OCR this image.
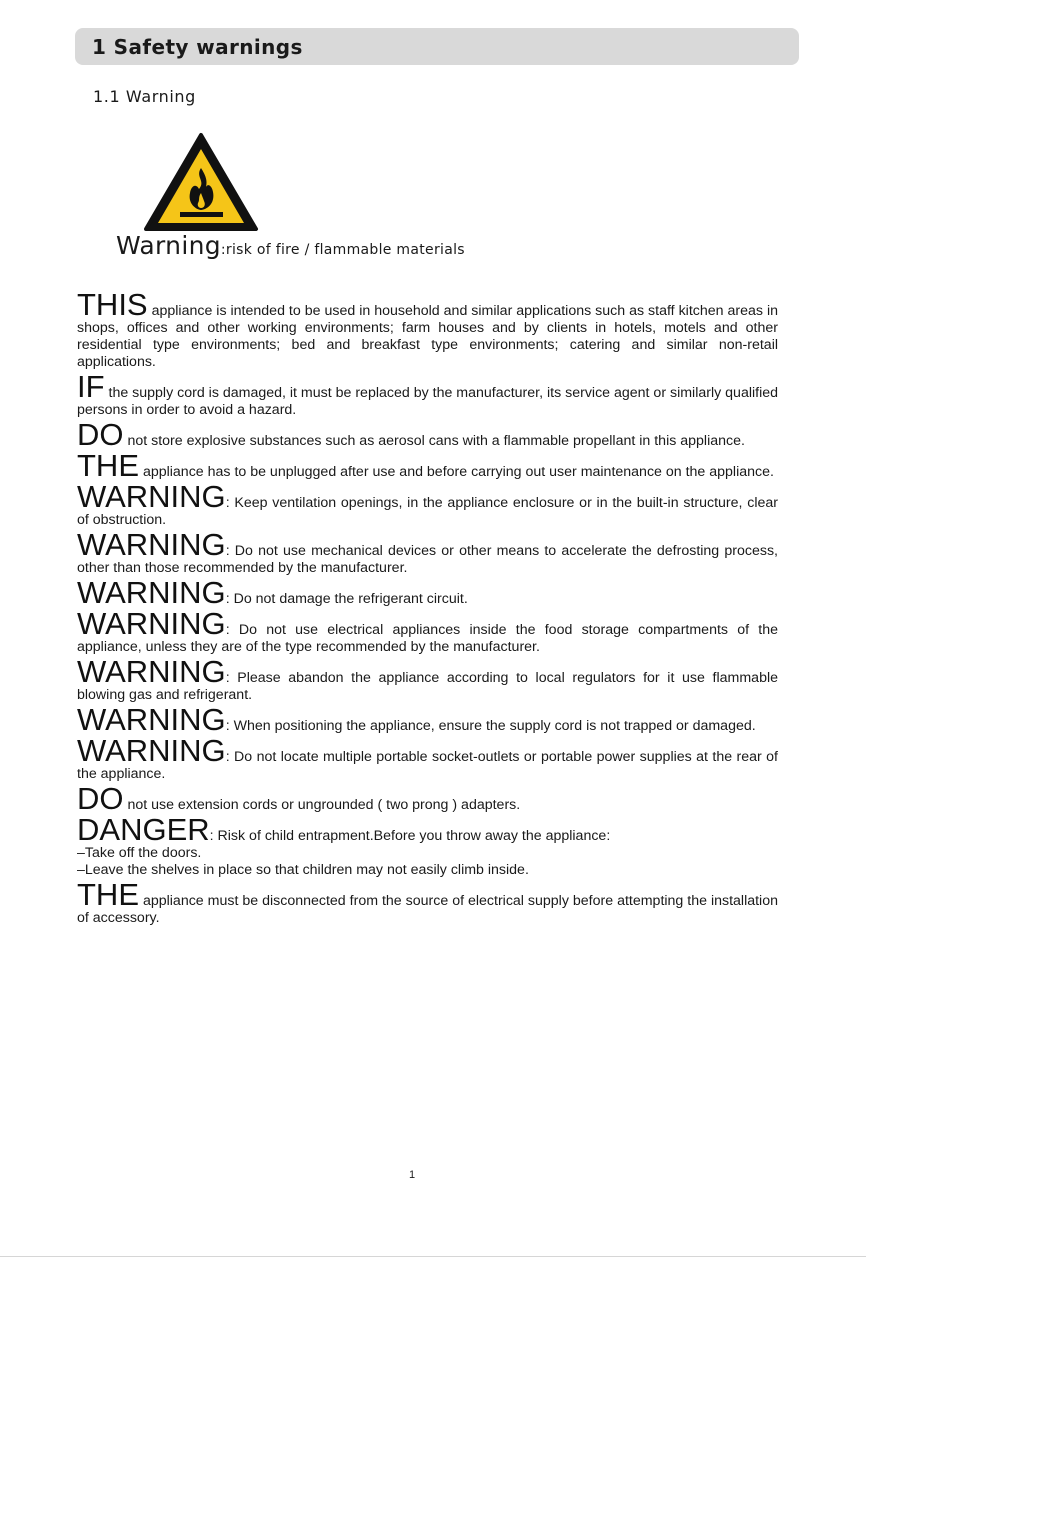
1 Safety warnings
1.1 Warning
Warning:risk of fire / flammable materials

THIS appliance is intended to be used in household and similar applications such as staff kitchen areas in shops, offices and other working environments; farm houses and by clients in hotels, motels and other residential type environments; bed and breakfast type environments; catering and similar non-retail applications.

IF the supply cord is damaged, it must be replaced by the manufacturer, its service agent or similarly qualified persons in order to avoid a hazard.

DO not store explosive substances such as aerosol cans with a flammable propellant in this appliance.

THE appliance has to be unplugged after use and before carrying out user maintenance on the appliance.

WARNING: Keep ventilation openings, in the appliance enclosure or in the built-in structure, clear of obstruction.

WARNING: Do not use mechanical devices or other means to accelerate the defrosting process, other than those recommended by the manufacturer.

WARNING: Do not damage the refrigerant circuit.

WARNING: Do not use electrical appliances inside the food storage compartments of the appliance, unless they are of the type recommended by the manufacturer.

WARNING: Please abandon the appliance according to local regulators for it use flammable blowing gas and refrigerant.

WARNING: When positioning the appliance, ensure the supply cord is not trapped or damaged.

WARNING: Do not locate multiple portable socket-outlets or portable power supplies at the rear of the appliance.

DO not use extension cords or ungrounded ( two prong ) adapters.

DANGER: Risk of child entrapment.Before you throw away the appliance:
–Take off the doors.
–Leave the shelves in place so that children may not easily climb inside.

THE appliance must be disconnected from the source of electrical supply before attempting the installation of accessory.

1
